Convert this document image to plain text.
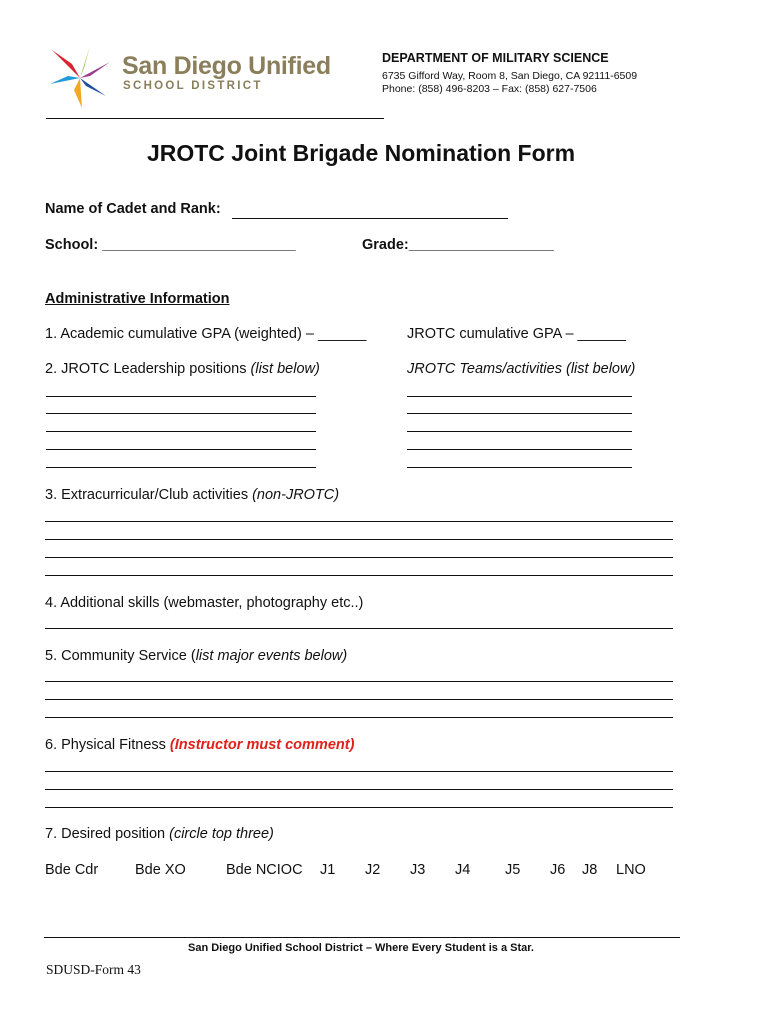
San Diego Unified
SCHOOL DISTRICT
DEPARTMENT OF MILITARY SCIENCE
6735 Gifford Way, Room 8, San Diego, CA 92111-6509
Phone: (858) 496-8203 – Fax: (858) 627-7506
JROTC Joint Brigade Nomination Form
Name of Cadet and Rank:
School: ________________________	Grade:__________________
Administrative Information
1. Academic cumulative GPA (weighted) – ______	JROTC cumulative GPA – ______
2. JROTC Leadership positions (list below)	JROTC Teams/activities (list below)
3. Extracurricular/Club activities (non-JROTC)
4. Additional skills (webmaster, photography etc..)
5. Community Service (list major events below)
6. Physical Fitness (Instructor must comment)
7. Desired position (circle top three)
Bde Cdr	Bde XO	Bde NCIOC J1 J2 J3 J4 J5 J6 J8 LNO
San Diego Unified School District – Where Every Student is a Star.
SDUSD-Form 43
